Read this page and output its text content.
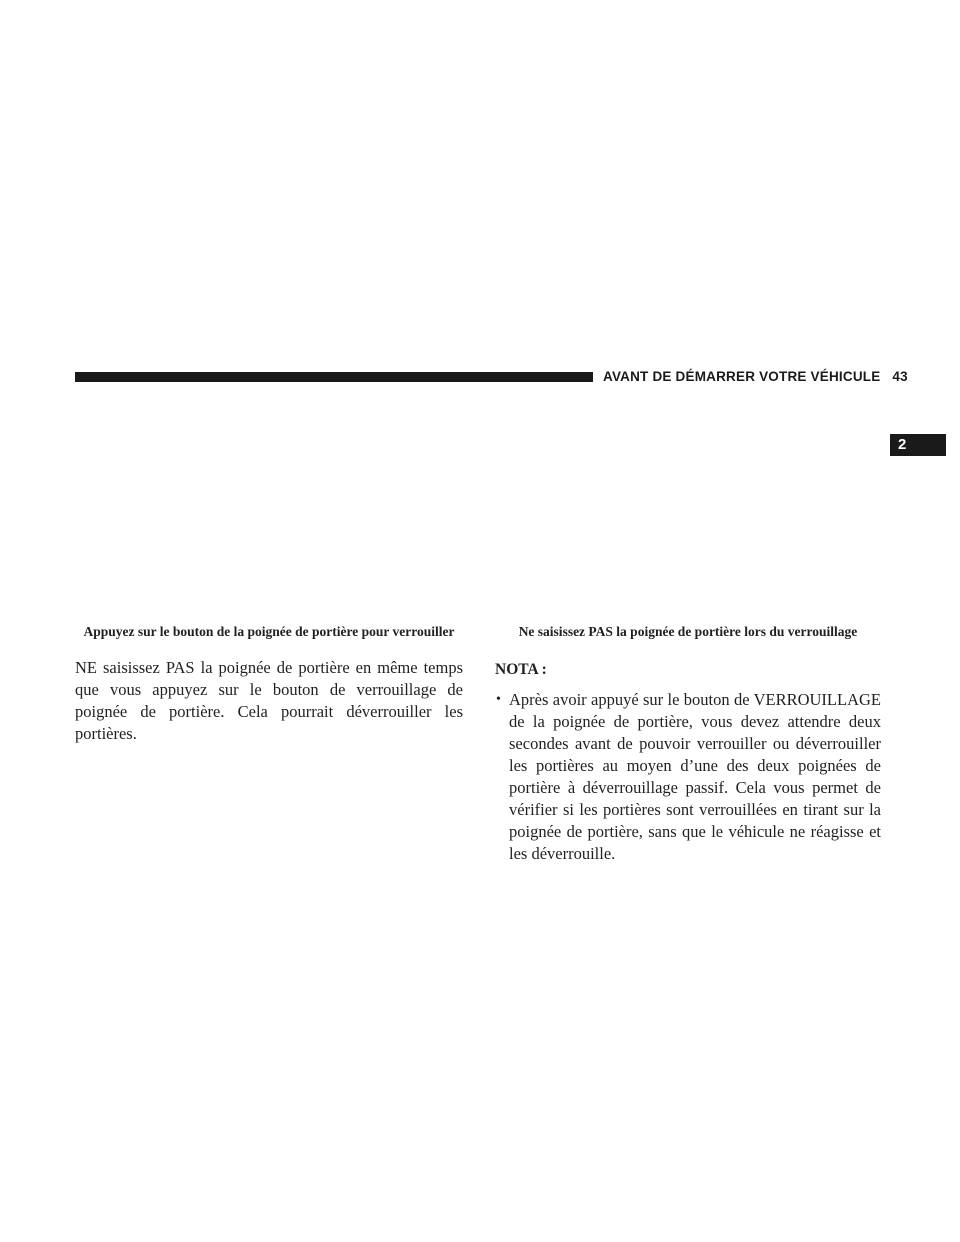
AVANT DE DÉMARRER VOTRE VÉHICULE 43
2
Appuyez sur le bouton de la poignée de portière pour verrouiller	Ne saisissez PAS la poignée de portière lors du verrouillage

NE saisissez PAS la poignée de portière en même temps que vous appuyez sur le bouton de verrouillage de poignée de portière. Cela pourrait déverrouiller les portières.

NOTA :

• Après avoir appuyé sur le bouton de VERROUILLAGE de la poignée de portière, vous devez attendre deux secondes avant de pouvoir verrouiller ou déverrouiller les portières au moyen d’une des deux poignées de portière à déverrouillage passif. Cela vous permet de vérifier si les portières sont verrouillées en tirant sur la poignée de portière, sans que le véhicule ne réagisse et les déverrouille.
